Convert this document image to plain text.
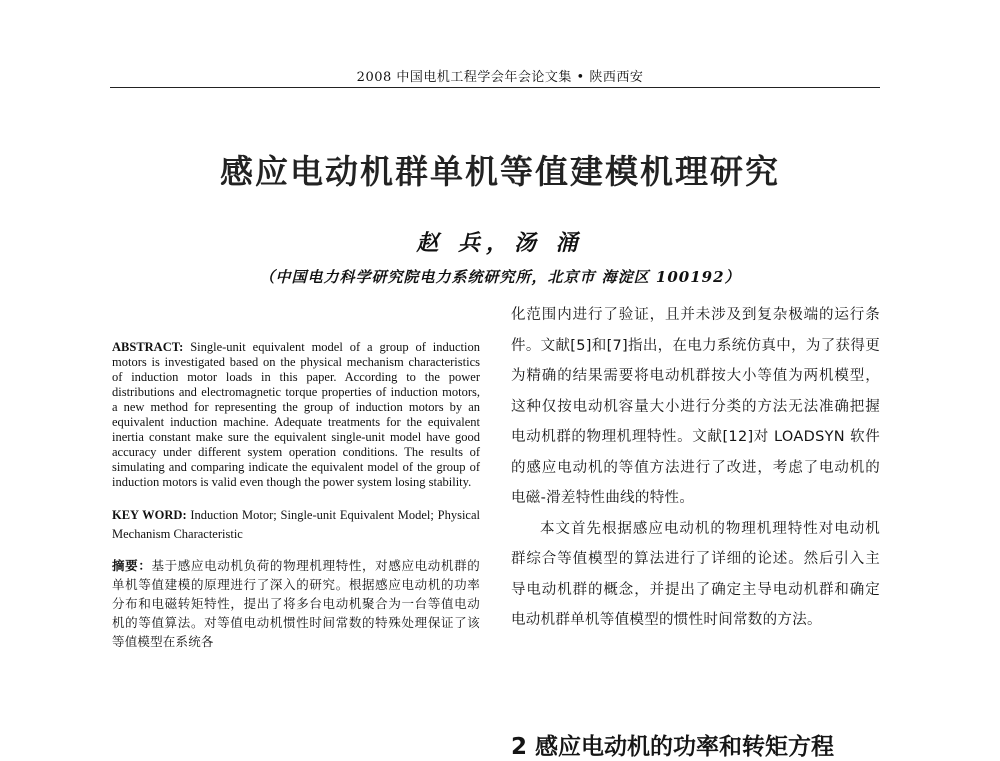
2008 中国电机工程学会年会论文集 • 陕西西安
感应电动机群单机等值建模机理研究
赵 兵，汤 涌
（中国电力科学研究院电力系统研究所，北京市 海淀区 100192）

ABSTRACT: Single-unit equivalent model of a group of induction motors is investigated based on the physical mechanism characteristics of induction motor loads in this paper. According to the power distributions and electromagnetic torque properties of induction motors, a new method for representing the group of induction motors by an equivalent induction machine. Adequate treatments for the equivalent inertia constant make sure the equivalent single-unit model have good accuracy under different system operation conditions. The results of simulating and comparing indicate the equivalent model of the group of induction motors is valid even though the power system losing stability.

KEY WORD: Induction Motor; Single-unit Equivalent Model; Physical Mechanism Characteristic

摘要：基于感应电动机负荷的物理机理特性，对感应电动机群的单机等值建模的原理进行了深入的研究。根据感应电动机的功率分布和电磁转矩特性，提出了将多台电动机聚合为一台等值电动机的等值算法。对等值电动机惯性时间常数的特殊处理保证了该等值模型在系统各

化范围内进行了验证，且并未涉及到复杂极端的运行条件。文献[5]和[7]指出，在电力系统仿真中，为了获得更为精确的结果需要将电动机群按大小等值为两机模型，这种仅按电动机容量大小进行分类的方法无法准确把握电动机群的物理机理特性。文献[12]对 LOADSYN 软件的感应电动机的等值方法进行了改进，考虑了电动机的电磁-滑差特性曲线的特性。

本文首先根据感应电动机的物理机理特性对电动机群综合等值模型的算法进行了详细的论述。然后引入主导电动机群的概念，并提出了确定主导电动机群和确定电动机群单机等值模型的惯性时间常数的方法。

2 感应电动机的功率和转矩方程
